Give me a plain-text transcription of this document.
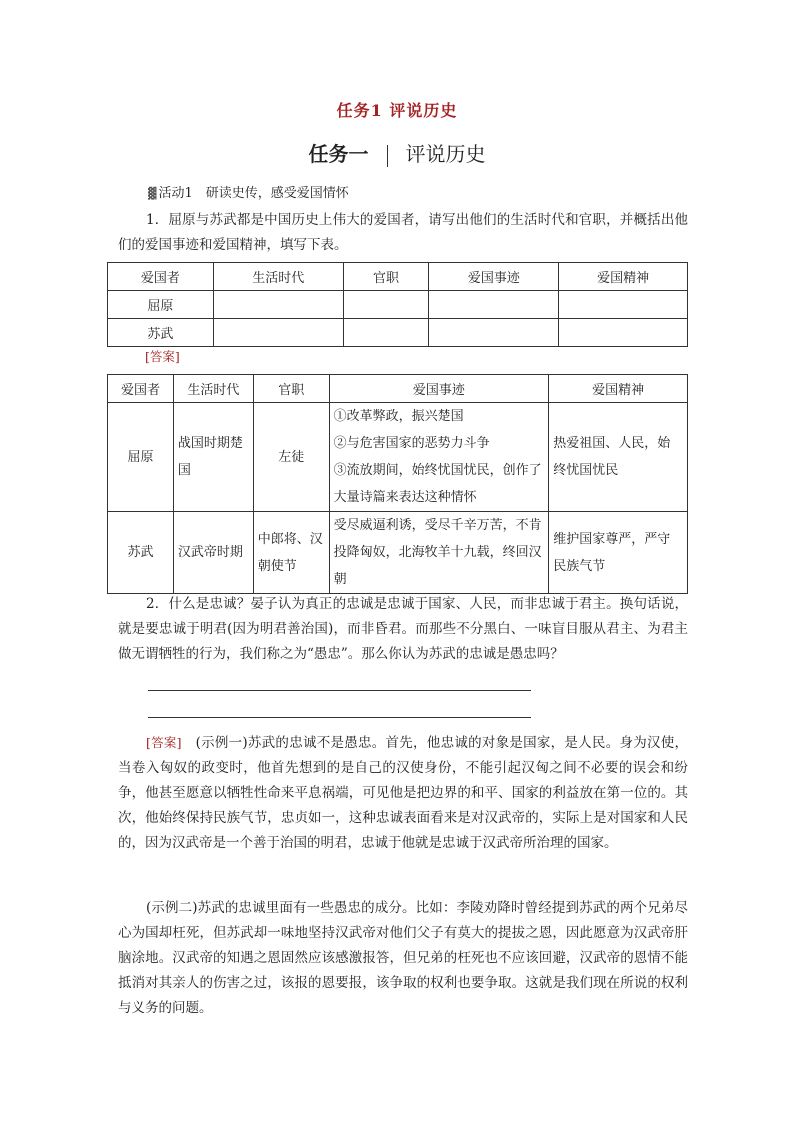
任务1 评说历史
任务一 评说历史
▓ 活动1　研读史传，感受爱国情怀
1．屈原与苏武都是中国历史上伟大的爱国者，请写出他们的生活时代和官职，并概括出他们的爱国事迹和爱国精神，填写下表。
爱国者	生活时代	官职	爱国事迹	爱国精神
屈原				
苏武				
[答案]
爱国者	生活时代	官职	爱国事迹	爱国精神
屈原	战国时期楚国	左徒	①改革弊政，振兴楚国
②与危害国家的恶势力斗争
③流放期间，始终忧国忧民，创作了大量诗篇来表达这种情怀	热爱祖国、人民，始终忧国忧民
苏武	汉武帝时期	中郎将、汉朝使节	受尽威逼利诱，受尽千辛万苦，不肯投降匈奴，北海牧羊十九载，终回汉朝	维护国家尊严，严守民族气节
2．什么是忠诚？晏子认为真正的忠诚是忠诚于国家、人民，而非忠诚于君主。换句话说，就是要忠诚于明君(因为明君善治国)，而非昏君。而那些不分黑白、一味盲目服从君主、为君主做无谓牺牲的行为，我们称之为“愚忠”。那么你认为苏武的忠诚是愚忠吗？
[答案]　 (示例一)苏武的忠诚不是愚忠。首先，他忠诚的对象是国家，是人民。身为汉使，当卷入匈奴的政变时，他首先想到的是自己的汉使身份，不能引起汉匈之间不必要的误会和纷争，他甚至愿意以牺牲性命来平息祸端，可见他是把边界的和平、国家的利益放在第一位的。其次，他始终保持民族气节，忠贞如一，这种忠诚表面看来是对汉武帝的，实际上是对国家和人民的，因为汉武帝是一个善于治国的明君，忠诚于他就是忠诚于汉武帝所治理的国家。
(示例二)苏武的忠诚里面有一些愚忠的成分。比如：李陵劝降时曾经提到苏武的两个兄弟尽心为国却枉死，但苏武却一味地坚持汉武帝对他们父子有莫大的提拔之恩，因此愿意为汉武帝肝脑涂地。汉武帝的知遇之恩固然应该感激报答，但兄弟的枉死也不应该回避，汉武帝的恩情不能抵消对其亲人的伤害之过，该报的恩要报，该争取的权利也要争取。这就是我们现在所说的权利与义务的问题。
